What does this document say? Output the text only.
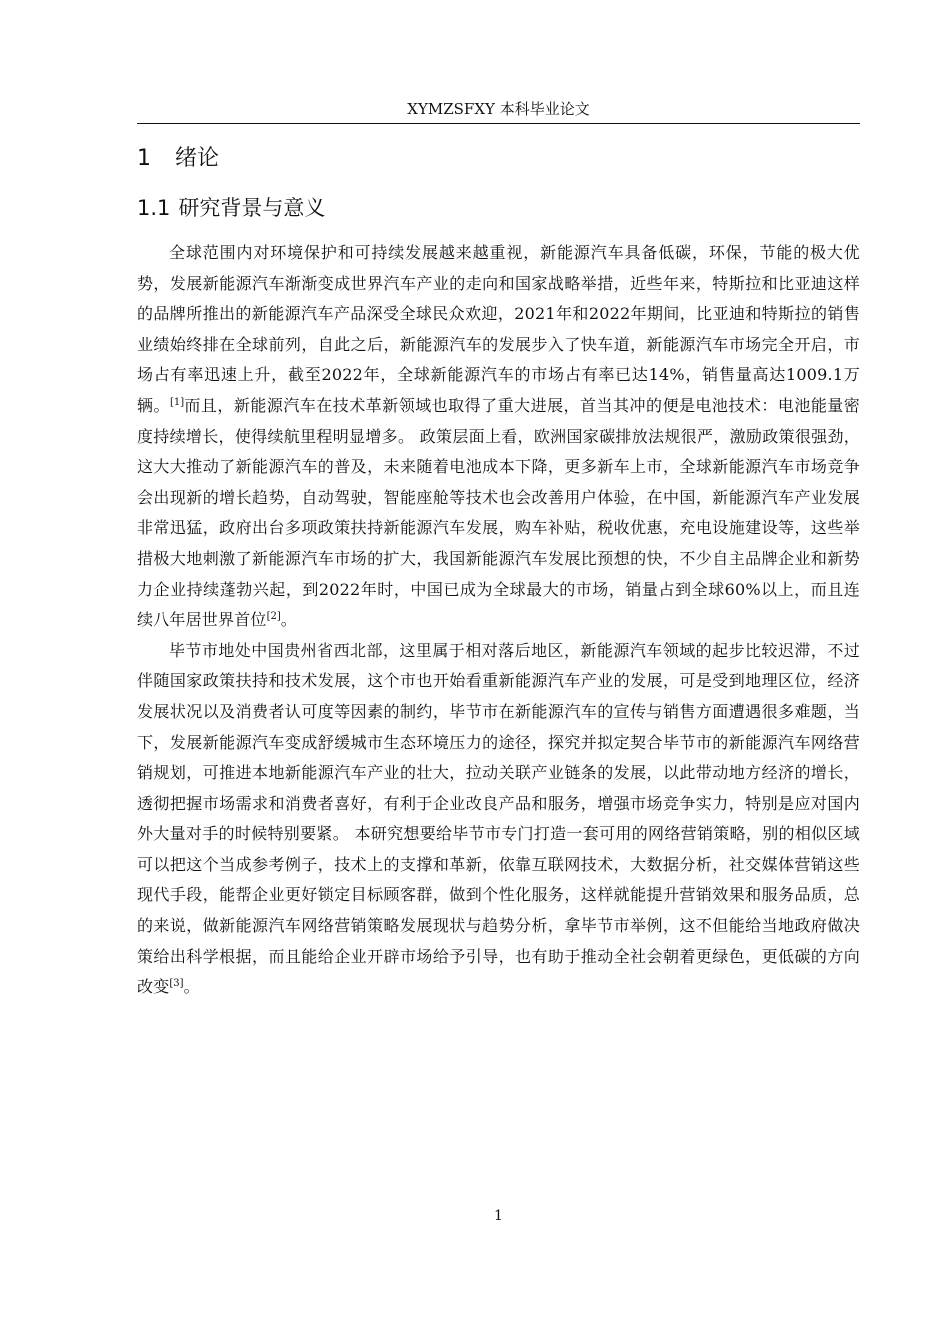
XYMZSFXY 本科毕业论文
1 绪论
1.1 研究背景与意义

全球范围内对环境保护和可持续发展越来越重视，新能源汽车具备低碳，环保，节能的极大优势，发展新能源汽车渐渐变成世界汽车产业的走向和国家战略举措，近些年来，特斯拉和比亚迪这样的品牌所推出的新能源汽车产品深受全球民众欢迎，2021年和2022年期间，比亚迪和特斯拉的销售业绩始终排在全球前列，自此之后，新能源汽车的发展步入了快车道，新能源汽车市场完全开启，市场占有率迅速上升，截至2022年，全球新能源汽车的市场占有率已达14%，销售量高达1009.1万辆。[1]而且，新能源汽车在技术革新领域也取得了重大进展，首当其冲的便是电池技术：电池能量密度持续增长，使得续航里程明显增多。 政策层面上看，欧洲国家碳排放法规很严，激励政策很强劲，这大大推动了新能源汽车的普及，未来随着电池成本下降，更多新车上市，全球新能源汽车市场竞争会出现新的增长趋势，自动驾驶，智能座舱等技术也会改善用户体验，在中国，新能源汽车产业发展非常迅猛，政府出台多项政策扶持新能源汽车发展，购车补贴，税收优惠，充电设施建设等，这些举措极大地刺激了新能源汽车市场的扩大，我国新能源汽车发展比预想的快，不少自主品牌企业和新势力企业持续蓬勃兴起，到2022年时，中国已成为全球最大的市场，销量占到全球60%以上，而且连续八年居世界首位[2]。

毕节市地处中国贵州省西北部，这里属于相对落后地区，新能源汽车领域的起步比较迟滞，不过伴随国家政策扶持和技术发展，这个市也开始看重新能源汽车产业的发展，可是受到地理区位，经济发展状况以及消费者认可度等因素的制约，毕节市在新能源汽车的宣传与销售方面遭遇很多难题，当下，发展新能源汽车变成舒缓城市生态环境压力的途径，探究并拟定契合毕节市的新能源汽车网络营销规划，可推进本地新能源汽车产业的壮大，拉动关联产业链条的发展，以此带动地方经济的增长，透彻把握市场需求和消费者喜好，有利于企业改良产品和服务，增强市场竞争实力，特别是应对国内外大量对手的时候特别要紧。 本研究想要给毕节市专门打造一套可用的网络营销策略，别的相似区域可以把这个当成参考例子，技术上的支撑和革新，依靠互联网技术，大数据分析，社交媒体营销这些现代手段，能帮企业更好锁定目标顾客群，做到个性化服务，这样就能提升营销效果和服务品质，总的来说，做新能源汽车网络营销策略发展现状与趋势分析，拿毕节市举例，这不但能给当地政府做决策给出科学根据，而且能给企业开辟市场给予引导，也有助于推动全社会朝着更绿色，更低碳的方向改变[3]。

1
